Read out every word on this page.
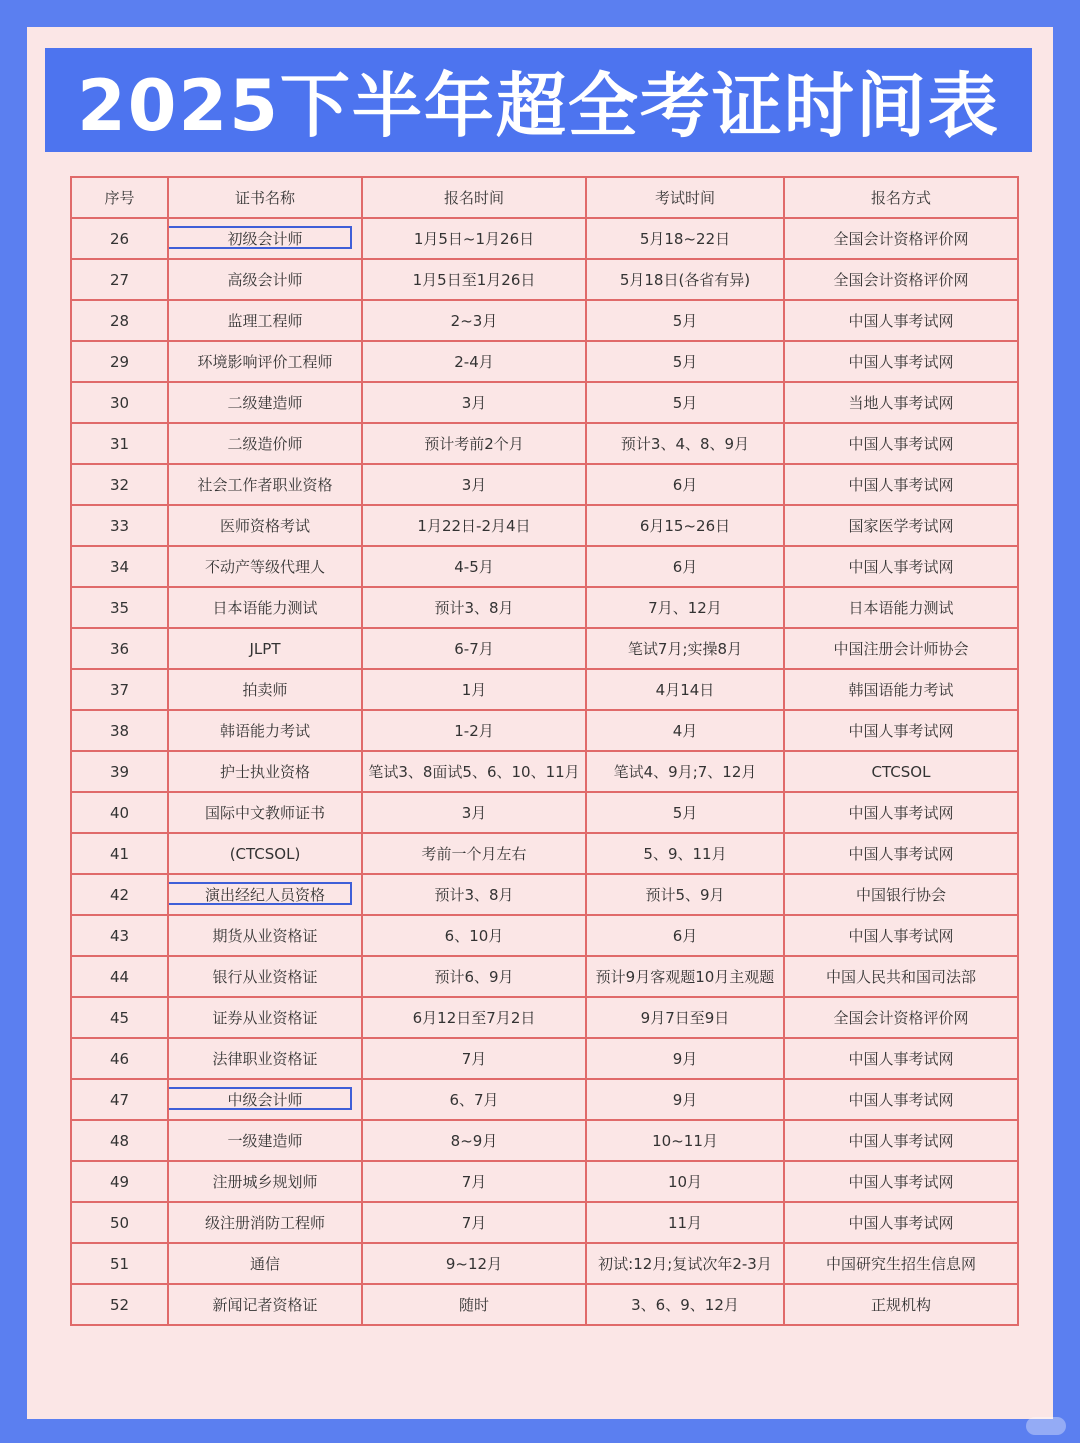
2025下半年超全考证时间表
序号	证书名称	报名时间	考试时间	报名方式
26	初级会计师	1月5日~1月26日	5月18~22日	全国会计资格评价网
27	高级会计师	1月5日至1月26日	5月18日(各省有异)	全国会计资格评价网
28	监理工程师	2~3月	5月	中国人事考试网
29	环境影响评价工程师	2-4月	5月	中国人事考试网
30	二级建造师	3月	5月	当地人事考试网
31	二级造价师	预计考前2个月	预计3、4、8、9月	中国人事考试网
32	社会工作者职业资格	3月	6月	中国人事考试网
33	医师资格考试	1月22日-2月4日	6月15~26日	国家医学考试网
34	不动产等级代理人	4-5月	6月	中国人事考试网
35	日本语能力测试	预计3、8月	7月、12月	日本语能力测试
36	JLPT	6-7月	笔试7月;实操8月	中国注册会计师协会
37	拍卖师	1月	4月14日	韩国语能力考试
38	韩语能力考试	1-2月	4月	中国人事考试网
39	护士执业资格	笔试3、8面试5、6、10、11月	笔试4、9月;7、12月	CTCSOL
40	国际中文教师证书	3月	5月	中国人事考试网
41	(CTCSOL)	考前一个月左右	5、9、11月	中国人事考试网
42	演出经纪人员资格	预计3、8月	预计5、9月	中国银行协会
43	期货从业资格证	6、10月	6月	中国人事考试网
44	银行从业资格证	预计6、9月	预计9月客观题10月主观题	中国人民共和国司法部
45	证券从业资格证	6月12日至7月2日	9月7日至9日	全国会计资格评价网
46	法律职业资格证	7月	9月	中国人事考试网
47	中级会计师	6、7月	9月	中国人事考试网
48	一级建造师	8~9月	10~11月	中国人事考试网
49	注册城乡规划师	7月	10月	中国人事考试网
50	级注册消防工程师	7月	11月	中国人事考试网
51	通信	9~12月	初试:12月;复试次年2-3月	中国研究生招生信息网
52	新闻记者资格证	随时	3、6、9、12月	正规机构
